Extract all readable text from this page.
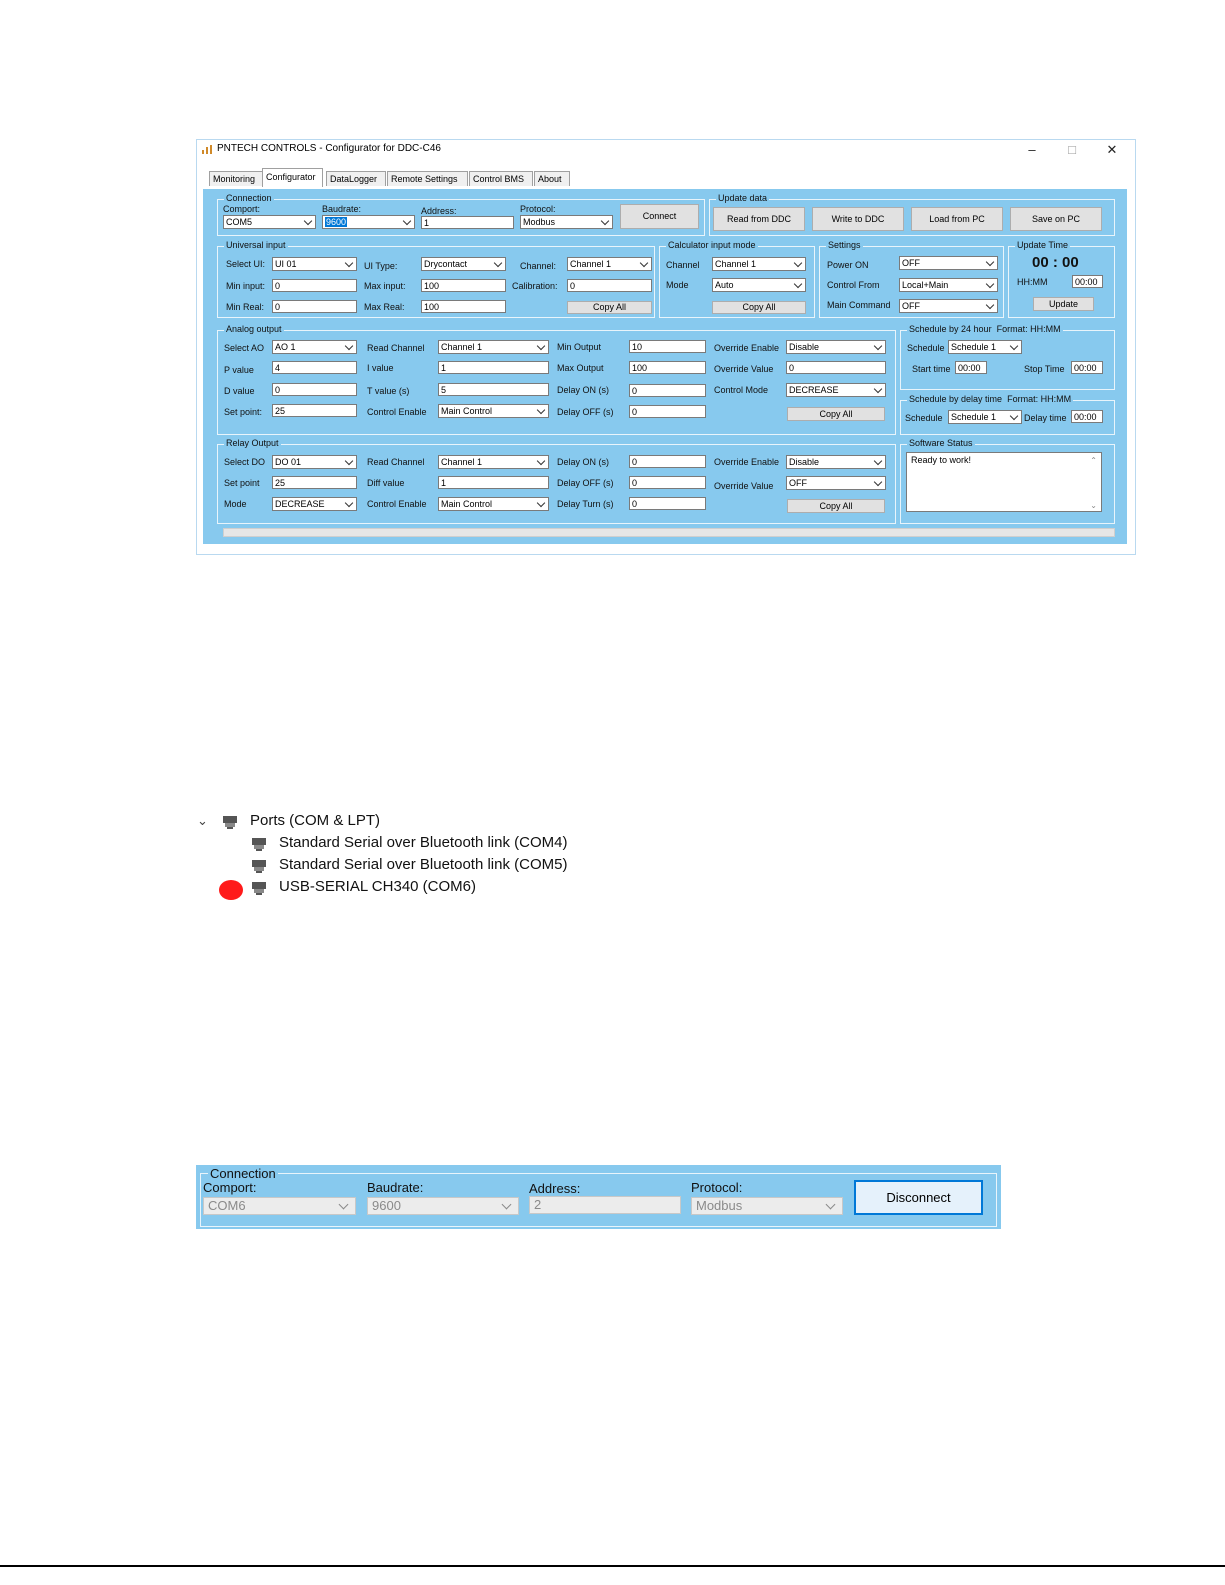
PNTECH CONTROLS - Configurator for DDC-C46	–	□	✕
Monitoring	Configurator	DataLogger	Remote Settings	Control BMS	About
Connection
Comport:
COM5
Baudrate:
9600
Address:
1
Protocol:
Modbus
Connect
Update data
Read from DDC	Write to DDC	Load from PC	Save on PC
Universal input
Select UI:	UI 01	UI Type:	Drycontact	Channel:	Channel 1
Min input:	0	Max input:	100	Calibration:	0
Min Real:	0	Max Real:	100	Copy All
Calculator input mode
Channel	Channel 1
Mode	Auto
Copy All
Settings
Power ON	OFF
Control From	Local+Main
Main Command	OFF
Update Time
00 : 00
HH:MM	00:00
Update
Analog output
Select AO	AO 1	Read Channel	Channel 1	Min Output	10	Override Enable	Disable
P value	4	I value	1	Max Output	100	Override Value	0
D value	0	T value (s)	5	Delay ON (s)	0	Control Mode	DECREASE
Set point:	25	Control Enable	Main Control	Delay OFF (s)	0	Copy All
Schedule by 24 hour Format: HH:MM
Schedule Schedule 1
Start time 00:00	Stop Time	00:00
Schedule by delay time Format: HH:MM
Schedule Schedule 1	Delay time 00:00
Relay Output
Select DO	DO 01	Read Channel	Channel 1	Delay ON (s)	0	Override Enable	Disable
Set point	25	Diff value	1	Delay OFF (s)	0	Override Value	OFF
Mode	DECREASE	Control Enable	Main Control	Delay Turn (s)	0	Copy All
Software Status
Ready to work!	⌃
⌄
⌄	Ports (COM & LPT)
Standard Serial over Bluetooth link (COM4)
Standard Serial over Bluetooth link (COM5)
USB-SERIAL CH340 (COM6)
Connection
Comport:
COM6
Baudrate:
9600
Address:
2
Protocol:
Modbus
Disconnect
